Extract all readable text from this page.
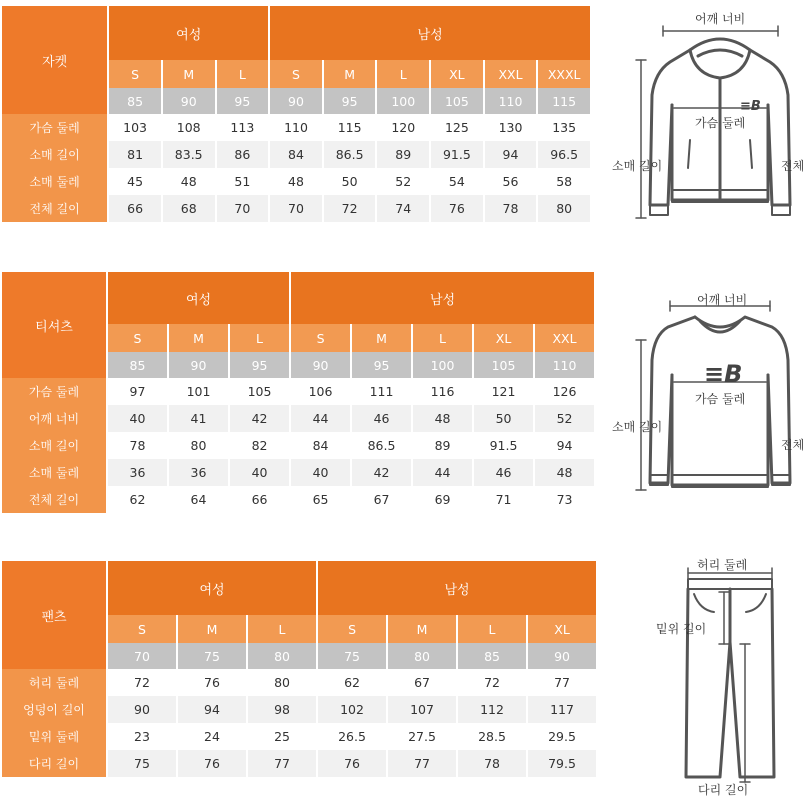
자켓	여성			남성					
	S	M	L	S	M	L	XL	XXL	XXXL
	85	90	95	90	95	100	105	110	115
가슴 둘레	103	108	113	110	115	120	125	130	135
소매 길이	81	83.5	86	84	86.5	89	91.5	94	96.5
소매 둘레	45	48	51	48	50	52	54	56	58
전체 길이	66	68	70	70	72	74	76	78	80
티셔츠	여성			남성				
	S	M	L	S	M	L	XL	XXL
	85	90	95	90	95	100	105	110
가슴 둘레	97	101	105	106	111	116	121	126
어깨 너비	40	41	42	44	46	48	50	52
소매 길이	78	80	82	84	86.5	89	91.5	94
소매 둘레	36	36	40	40	42	44	46	48
전체 길이	62	64	66	65	67	69	71	73
팬츠	여성			남성			
	S	M	L	S	M	L	XL
	70	75	80	75	80	85	90
허리 둘레	72	76	80	62	67	72	77
엉덩이 길이	90	94	98	102	107	112	117
밑위 둘레	23	24	25	26.5	27.5	28.5	29.5
다리 길이	75	76	77	76	77	78	79.5
≡B
어깨 너비
가슴 둘레
소매 길이	전체
≡B
어깨 너비
가슴 둘레
소매 길이
전체
허리 둘레
밑위 길이
다리 길이
